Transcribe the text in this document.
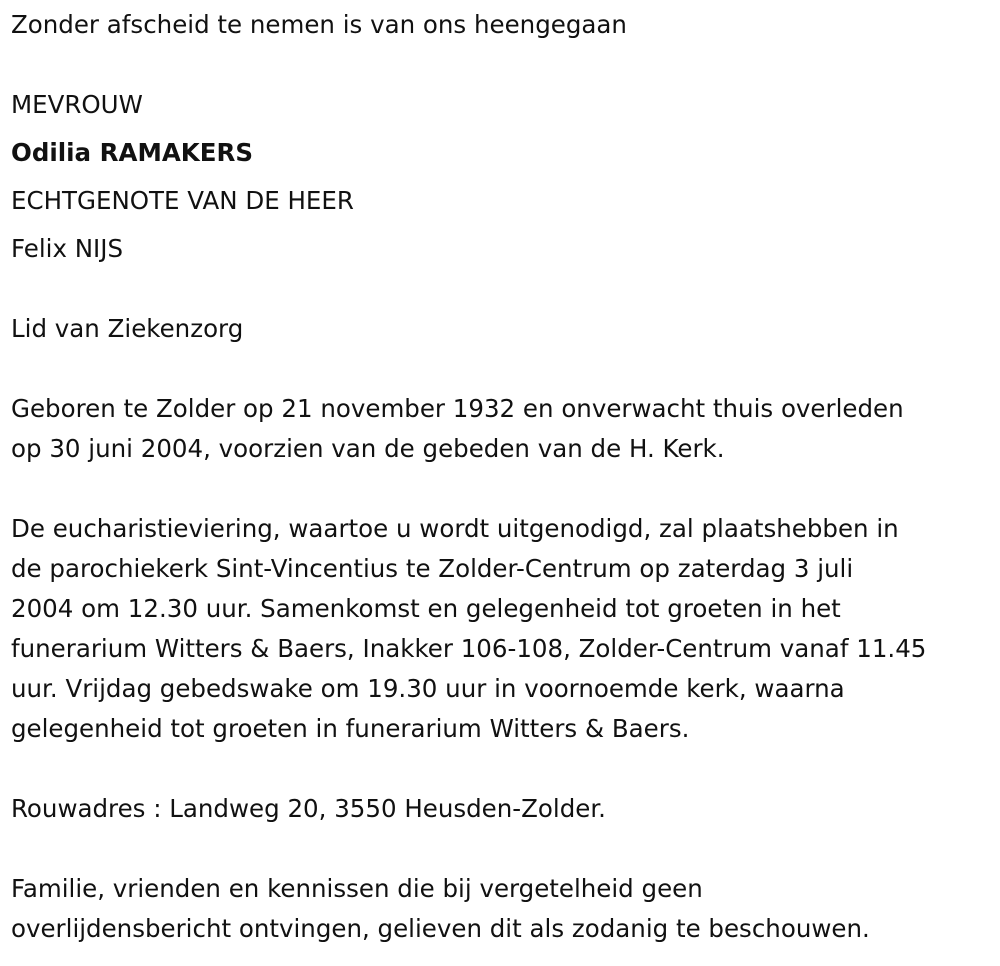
Zonder afscheid te nemen is van ons heengegaan

MEVROUW

Odilia RAMAKERS

ECHTGENOTE VAN DE HEER

Felix NIJS

Lid van Ziekenzorg

Geboren te Zolder op 21 november 1932 en onverwacht thuis overleden

op 30 juni 2004, voorzien van de gebeden van de H. Kerk.

De eucharistieviering, waartoe u wordt uitgenodigd, zal plaatshebben in

de parochiekerk Sint-Vincentius te Zolder-Centrum op zaterdag 3 juli

2004 om 12.30 uur. Samenkomst en gelegenheid tot groeten in het

funerarium Witters & Baers, Inakker 106-108, Zolder-Centrum vanaf 11.45

uur. Vrijdag gebedswake om 19.30 uur in voornoemde kerk, waarna

gelegenheid tot groeten in funerarium Witters & Baers.

Rouwadres : Landweg 20, 3550 Heusden-Zolder.

Familie, vrienden en kennissen die bij vergetelheid geen

overlijdensbericht ontvingen, gelieven dit als zodanig te beschouwen.
